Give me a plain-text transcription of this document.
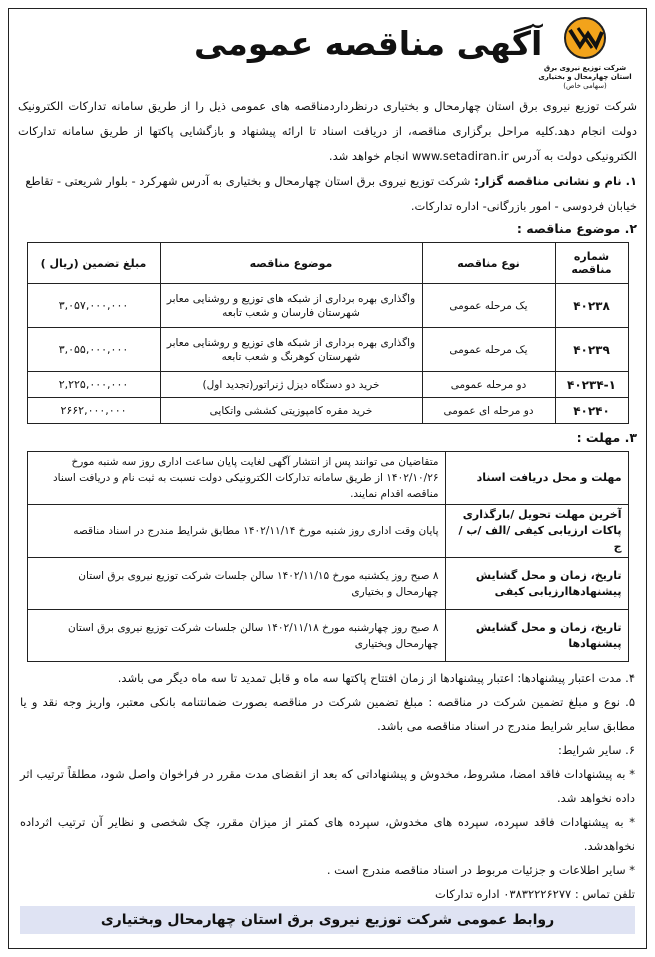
شرکت توزیع نیروی برق استان چهارمحال و بختیاری
(سهامی خاص)
آگهی مناقصه عمومی
شرکت توزیع نیروی برق استان چهارمحال و بختیاری درنظرداردمناقصه های عمومی ذیل را از طریق سامانه تدارکات الکترونیک دولت انجام دهد.کلیه مراحل برگزاری مناقصه، از دریافت اسناد تا ارائه پیشنهاد و بازگشایی پاکتها از طریق سامانه تدارکات الکترونیکی دولت به آدرس www.setadiran.ir انجام خواهد شد.
۱. نام و نشانی مناقصه گزار: شرکت توزیع نیروی برق استان چهارمحال و بختیاری به آدرس شهرکرد - بلوار شریعتی - تقاطع خیابان فردوسی - امور بازرگانی- اداره تدارکات.
۲. موضوع مناقصه :
شماره مناقصه	نوع مناقصه	موضوع مناقصه	مبلغ تضمین (ریال )
۴۰۲۳۸	یک مرحله عمومی	واگذاری بهره برداری از شبکه های توزیع و روشنایی معابر شهرستان فارسان و شعب تابعه	۳,۰۵۷,۰۰۰,۰۰۰
۴۰۲۳۹	یک مرحله عمومی	واگذاری بهره برداری از شبکه های توزیع و روشنایی معابر شهرستان کوهرنگ و شعب تابعه	۳,۰۵۵,۰۰۰,۰۰۰
۴۰۲۳۴-۱	دو مرحله عمومی	خرید دو دستگاه دیزل ژنراتور(تجدید اول)	۲,۲۲۵,۰۰۰,۰۰۰
۴۰۲۴۰	دو مرحله ای عمومی	خرید مقره کامپوزیتی کششی واتکایی	۲۶۶۲,۰۰۰,۰۰۰
۳. مهلت :
مهلت و محل دریافت اسناد	متقاضیان می توانند پس از انتشار آگهی لغایت پایان ساعت اداری روز سه شنبه مورخ ۱۴۰۲/۱۰/۲۶ از طریق سامانه تدارکات الکترونیکی دولت نسبت به ثبت نام و دریافت اسناد مناقصه اقدام نمایند.
آخرین مهلت تحویل /بارگذاری پاکات ارزیابی کیفی /الف /ب /ج	پایان وقت اداری روز شنبه مورخ ۱۴۰۲/۱۱/۱۴ مطابق شرایط مندرج در اسناد مناقصه
تاریخ، زمان و محل گشایش پیشنهادهاارزیابی کیفی	۸ صبح روز یکشنبه مورخ ۱۴۰۲/۱۱/۱۵ سالن جلسات شرکت توزیع نیروی برق استان چهارمحال و بختیاری
تاریخ، زمان و محل گشایش پیشنهادها	۸ صبح روز چهارشنبه مورخ ۱۴۰۲/۱۱/۱۸ سالن جلسات شرکت توزیع نیروی برق استان چهارمحال وبختیاری
۴. مدت اعتبار پیشنهادها: اعتبار پیشنهادها از زمان افتتاح پاکتها سه ماه و قابل تمدید تا سه ماه دیگر می باشد.
۵. نوع و مبلغ تضمین شرکت در مناقصه : مبلغ تضمین شرکت در مناقصه بصورت ضمانتنامه بانکی معتبر، واریز وجه نقد و یا مطابق سایر شرایط مندرج در اسناد مناقصه می باشد.
۶. سایر شرایط:
* به پیشنهادات فاقد امضا، مشروط، مخدوش و پیشنهاداتی که بعد از انقضای مدت مقرر در فراخوان واصل شود، مطلقاً ترتیب اثر داده نخواهد شد.
* به پیشنهادات فاقد سپرده، سپرده های مخدوش، سپرده های کمتر از میزان مقرر، چک شخصی و نظایر آن ترتیب اثرداده نخواهدشد.
* سایر اطلاعات و جزئیات مربوط در اسناد مناقصه مندرج است .
تلفن تماس : ۰۳۸۳۲۲۲۶۲۷۷ اداره تدارکات
روابط عمومی شرکت توزیع نیروی برق استان چهارمحال وبختیاری
